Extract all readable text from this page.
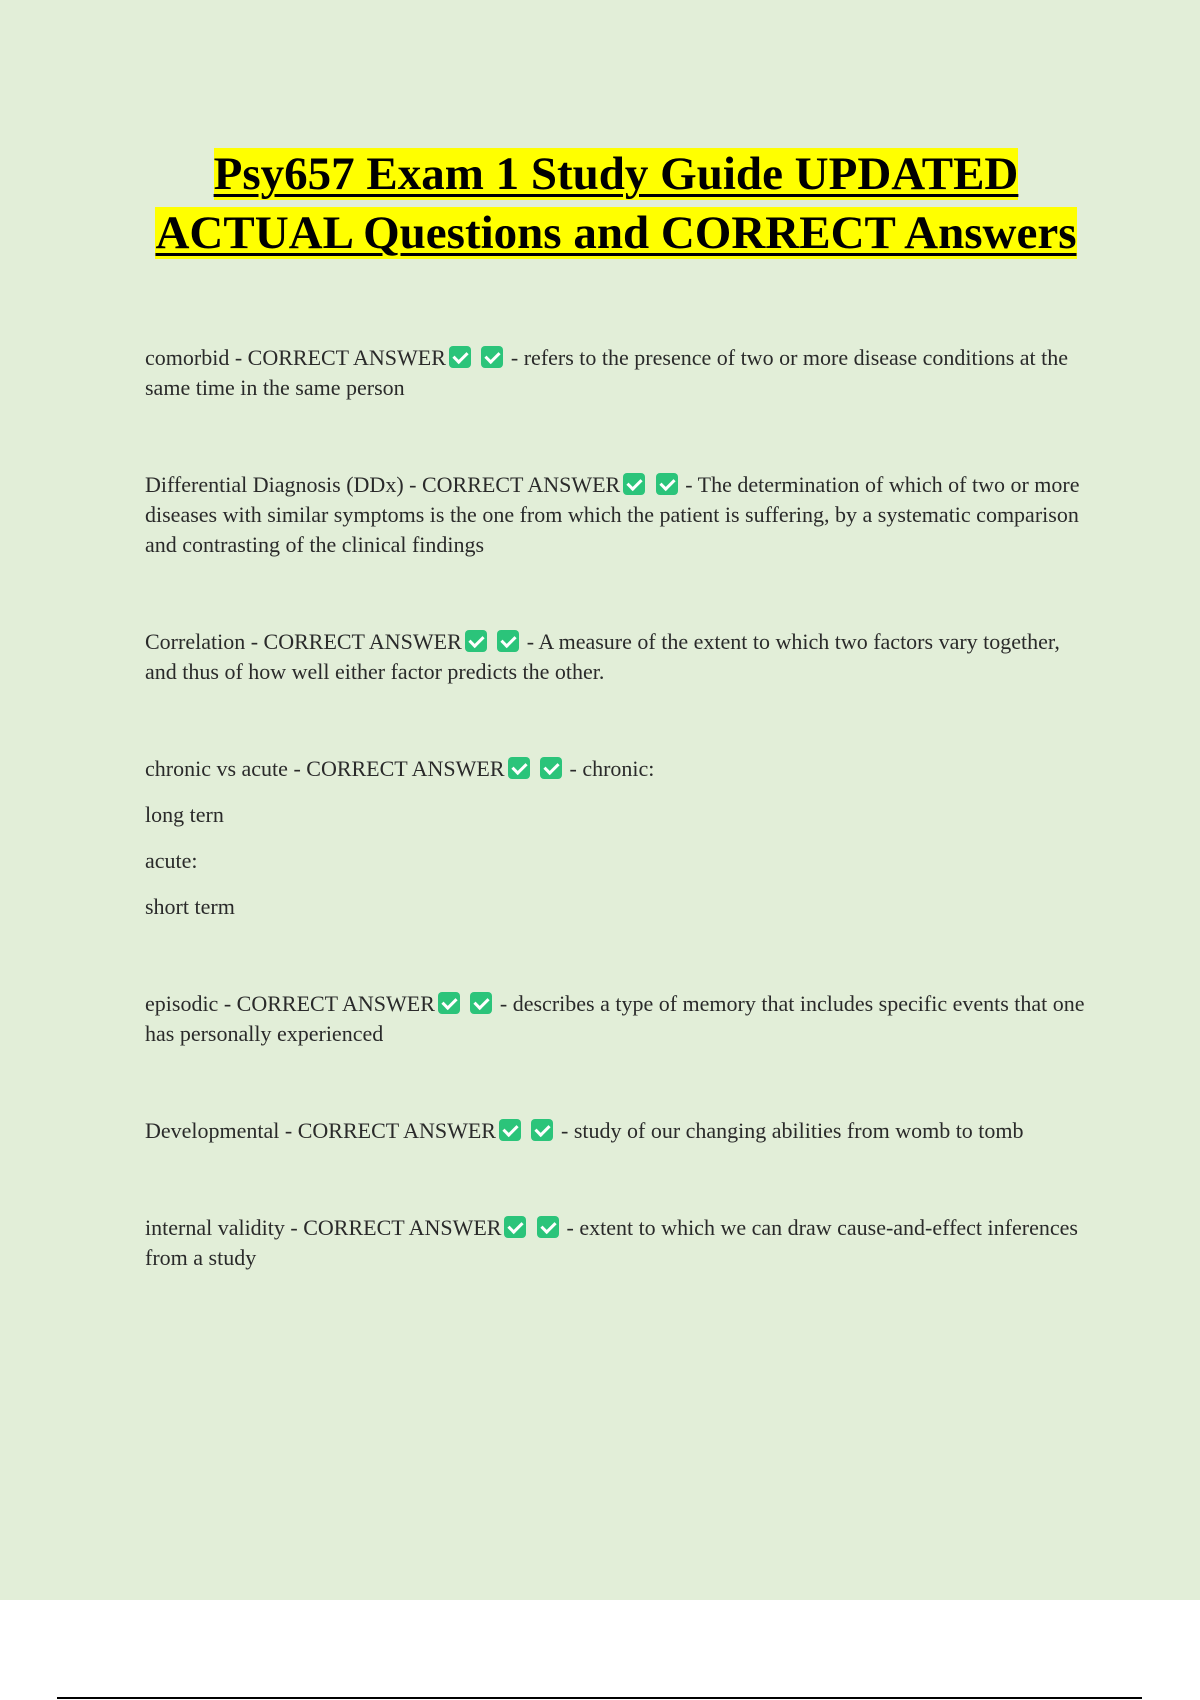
Psy657 Exam 1 Study Guide UPDATED ACTUAL Questions and CORRECT Answers

comorbid - CORRECT ANSWER	- refers to the presence of two or more disease conditions at the same time in the same person

Differential Diagnosis (DDx) - CORRECT ANSWER	- The determination of which of two or more diseases with similar symptoms is the one from which the patient is suffering, by a systematic comparison and contrasting of the clinical findings

Correlation - CORRECT ANSWER	- A measure of the extent to which two factors vary together, and thus of how well either factor predicts the other.

chronic vs acute - CORRECT ANSWER	- chronic:

long tern

acute:

short term

episodic - CORRECT ANSWER	- describes a type of memory that includes specific events that one has personally experienced

Developmental - CORRECT ANSWER	- study of our changing abilities from womb to tomb

internal validity - CORRECT ANSWER	- extent to which we can draw cause-and-effect inferences from a study
